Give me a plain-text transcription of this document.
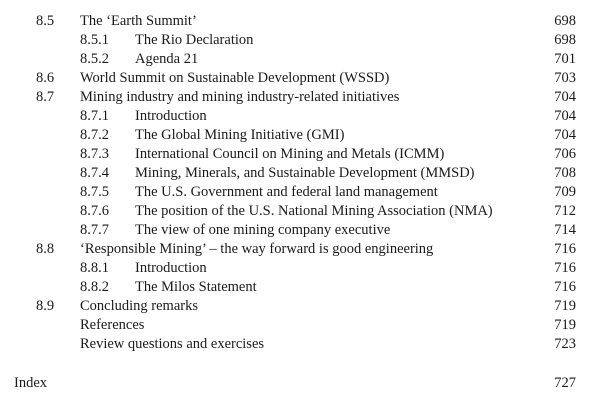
8.5 The ‘Earth Summit’	698
8.5.1 The Rio Declaration	698
8.5.2 Agenda 21	701
8.6 World Summit on Sustainable Development (WSSD)	703
8.7 Mining industry and mining industry-related initiatives	704
8.7.1 Introduction	704
8.7.2 The Global Mining Initiative (GMI)	704
8.7.3 International Council on Mining and Metals (ICMM)	706
8.7.4 Mining, Minerals, and Sustainable Development (MMSD)	708
8.7.5 The U.S. Government and federal land management	709
8.7.6 The position of the U.S. National Mining Association (NMA)	712
8.7.7 The view of one mining company executive	714
8.8 ‘Responsible Mining’ – the way forward is good engineering	716
8.8.1 Introduction	716
8.8.2 The Milos Statement	716
8.9 Concluding remarks	719
References	719
Review questions and exercises	723
Index	727
